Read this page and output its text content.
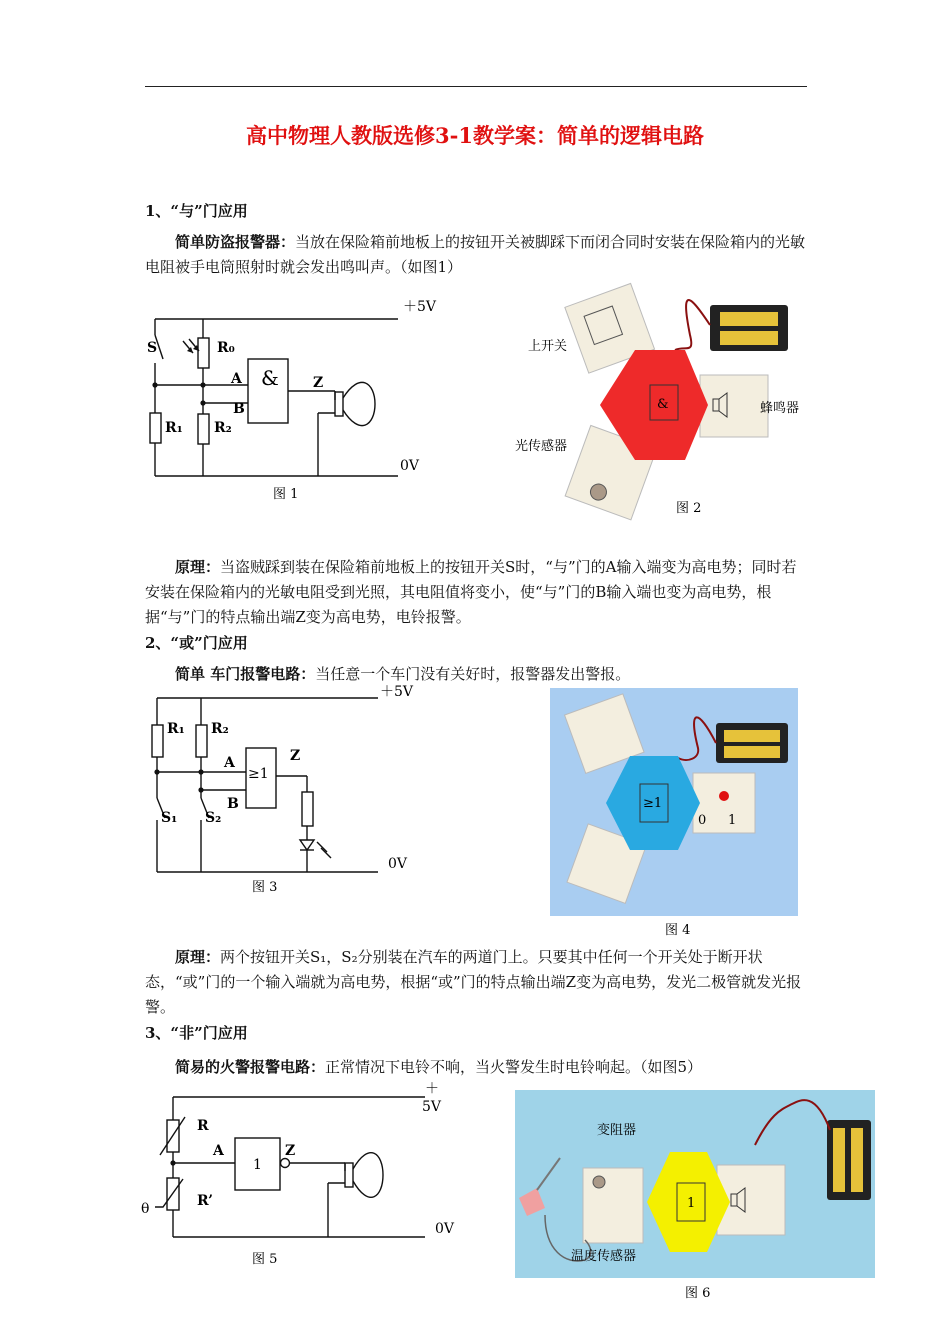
高中物理人教版选修3-1教学案：简单的逻辑电路
1、“与”门应用
简单防盗报警器：当放在保险箱前地板上的按钮开关被脚踩下而闭合同时安装在保险箱内的光敏电阻被手电筒照射时就会发出鸣叫声。（如图1）
＋5V
0V
S	R₀
R₁ R₂
A
B
Z
&
图 1
&
上开关
光传感器
蜂鸣器
图 2
原理：当盗贼踩到装在保险箱前地板上的按钮开关S时，“与”门的A输入端变为高电势；同时若安装在保险箱内的光敏电阻受到光照，其电阻值将变小，使“与”门的B输入端也变为高电势，根据“与”门的特点输出端Z变为高电势，电铃报警。
2、“或”门应用
简单 车门报警电路：当任意一个车门没有关好时，报警器发出警报。
＋5V
0V
R₁ R₂
S₁ S₂
A
B
Z
≥1
图 3
0 1
≥1
图 4
原理：两个按钮开关S₁，S₂分别装在汽车的两道门上。只要其中任何一个开关处于断开状态，“或”门的一个输入端就为高电势，根据“或”门的特点输出端Z变为高电势，发光二极管就发光报警。
3、“非”门应用
简易的火警报警电路：正常情况下电铃不响，当火警发生时电铃响起。（如图5）
＋
5V
0V
R
R’
θ
A	Z
1
图 5
1
变阻器
温度传感器
图 6
